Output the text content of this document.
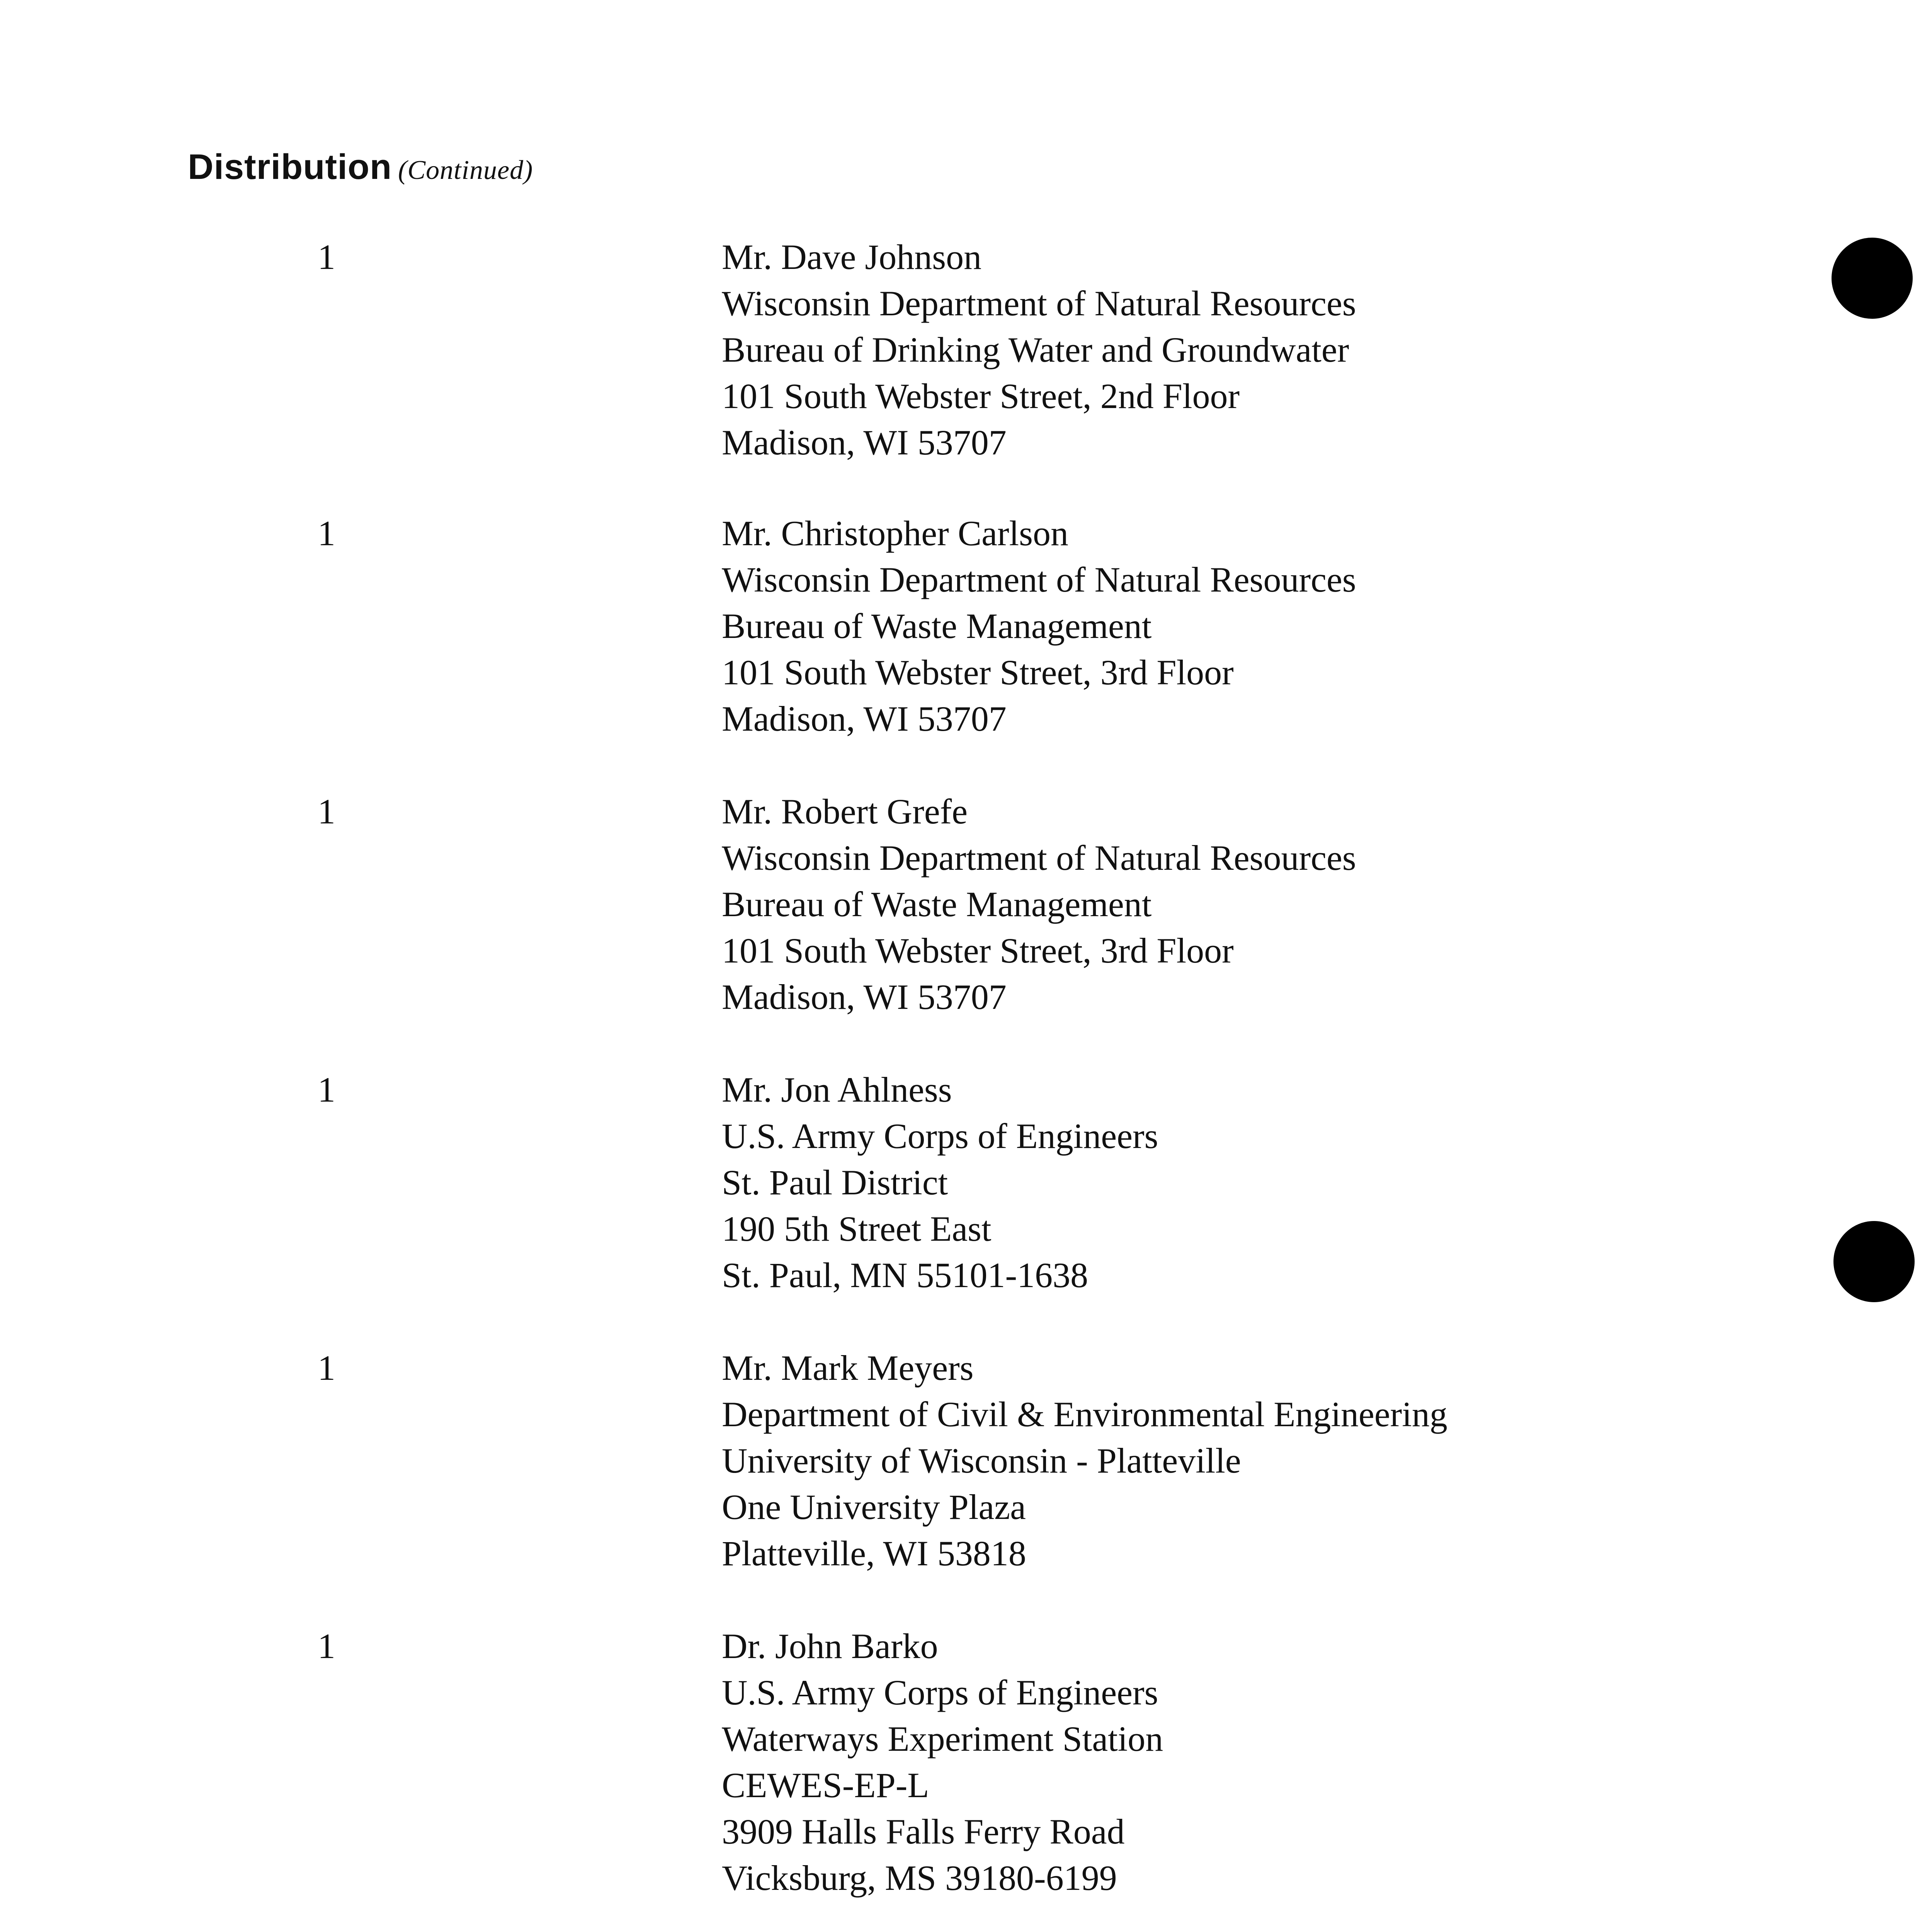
Distribution (Continued)
1	Mr. Dave Johnson
Wisconsin Department of Natural Resources
Bureau of Drinking Water and Groundwater
101 South Webster Street, 2nd Floor
Madison, WI 53707
1	Mr. Christopher Carlson
Wisconsin Department of Natural Resources
Bureau of Waste Management
101 South Webster Street, 3rd Floor
Madison, WI 53707
1	Mr. Robert Grefe
Wisconsin Department of Natural Resources
Bureau of Waste Management
101 South Webster Street, 3rd Floor
Madison, WI 53707
1	Mr. Jon Ahlness
U.S. Army Corps of Engineers
St. Paul District
190 5th Street East
St. Paul, MN 55101-1638
1	Mr. Mark Meyers
Department of Civil & Environmental Engineering
University of Wisconsin - Platteville
One University Plaza
Platteville, WI 53818
1	Dr. John Barko
U.S. Army Corps of Engineers
Waterways Experiment Station
CEWES-EP-L
3909 Halls Falls Ferry Road
Vicksburg, MS 39180-6199
